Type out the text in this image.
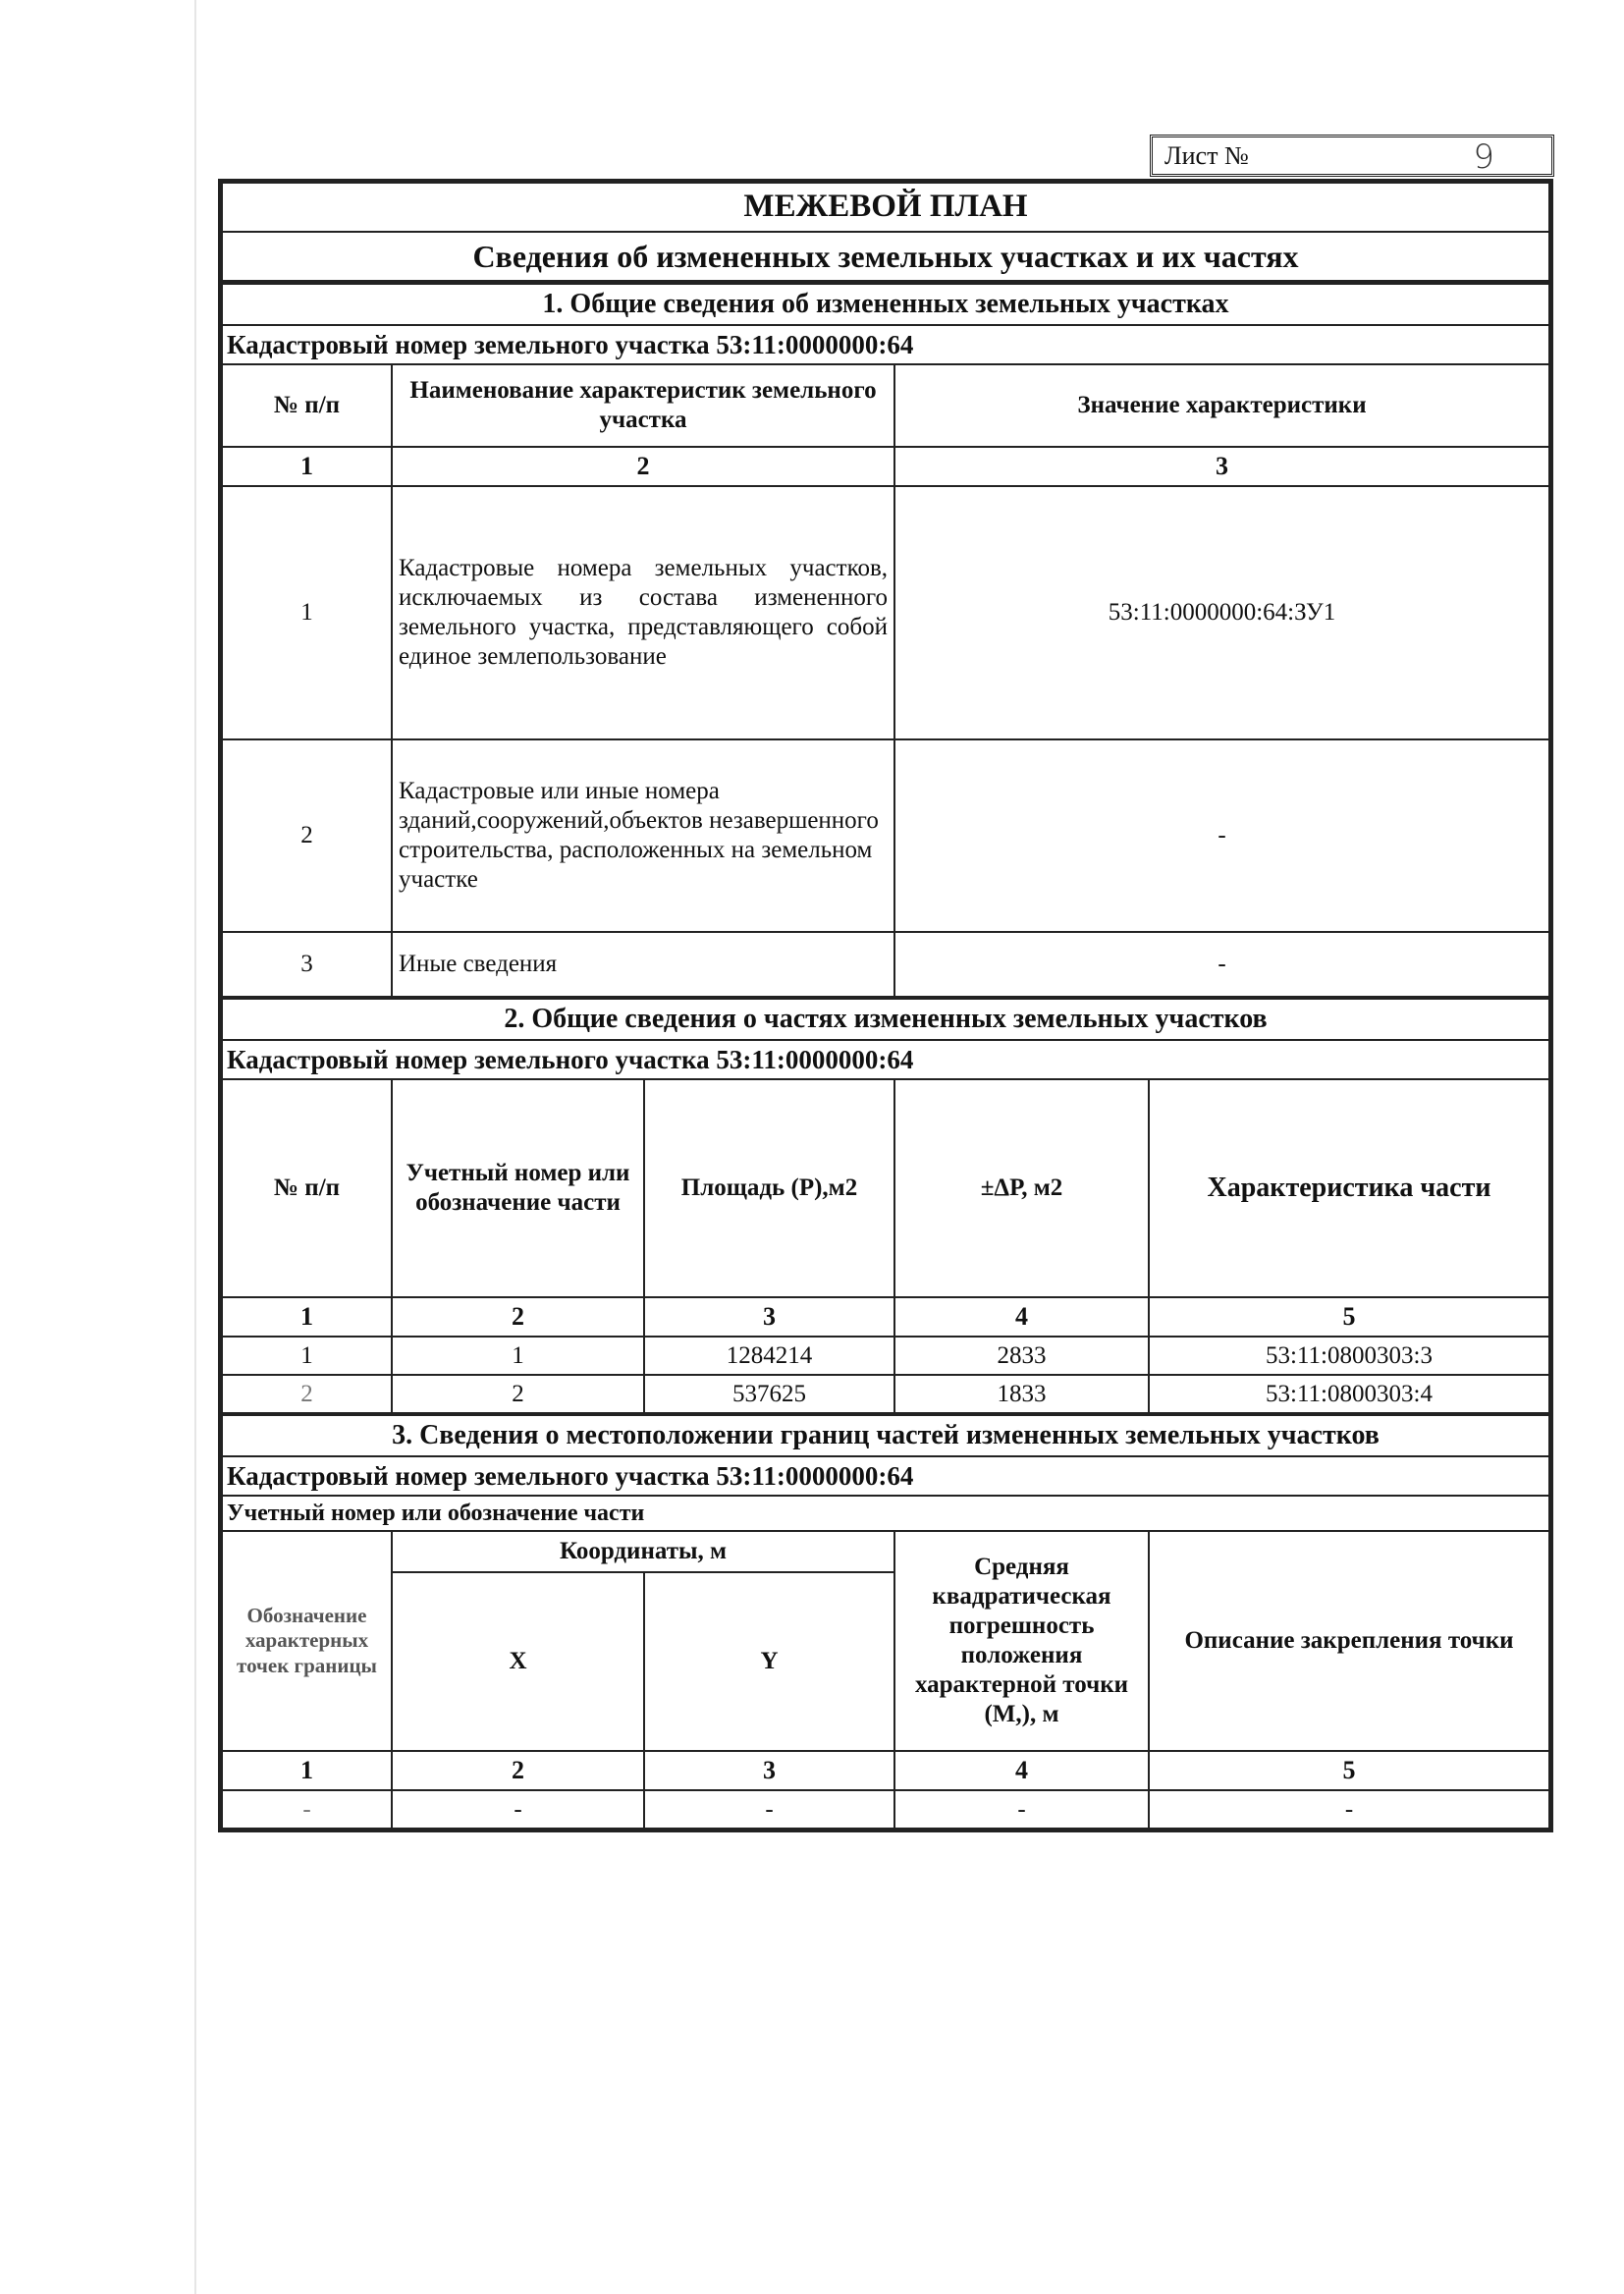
Лист №	9
МЕЖЕВОЙ ПЛАН
Сведения об измененных земельных участках и их частях
1. Общие сведения об измененных земельных участках		
Кадастровый номер земельного участка 53:11:0000000:64		
№ п/п	Наименование характеристик земельного участка	Значение характеристики
1	2	3
1	Кадастровые номера земельных участков, исключаемых из состава измененного земельного участка, представляющего собой единое землепользование	53:11:0000000:64:ЗУ1
2	Кадастровые или иные номера зданий,сооружений,объектов незавершенного строительства, расположенных на земельном участке	-
3	Иные сведения	-
2. Общие сведения о частях измененных земельных участков				
Кадастровый номер земельного участка 53:11:0000000:64				
№ п/п	Учетный номер или обозначение части	Площадь (Р),м2	±ΔР, м2	Характеристика части
1	2	3	4	5
1	1	1284214	2833	53:11:0800303:3
2	2	537625	1833	53:11:0800303:4
3. Сведения о местоположении границ частей измененных земельных участков				
Кадастровый номер земельного участка 53:11:0000000:64				
Учетный номер или обозначение части				
Обозначение характерных точек границы	Координаты, м		Средняя квадратическая погрешность положения характерной точки (М,), м	Описание закрепления точки
	X	Y		
1	2	3	4	5
-	-	-	-	-
